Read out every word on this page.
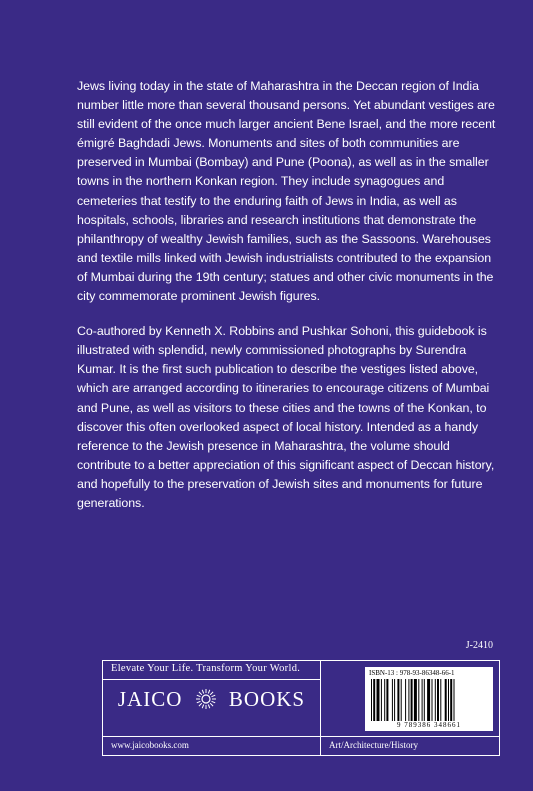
Jews living today in the state of Maharashtra in the Deccan region of India number little more than several thousand persons. Yet abundant vestiges are still evident of the once much larger ancient Bene Israel, and the more recent émigré Baghdadi Jews. Monuments and sites of both communities are preserved in Mumbai (Bombay) and Pune (Poona), as well as in the smaller towns in the northern Konkan region. They include synagogues and cemeteries that testify to the enduring faith of Jews in India, as well as hospitals, schools, libraries and research institutions that demonstrate the philanthropy of wealthy Jewish families, such as the Sassoons. Warehouses and textile mills linked with Jewish industrialists contributed to the expansion of Mumbai during the 19th century; statues and other civic monuments in the city commemorate prominent Jewish figures.

Co-authored by Kenneth X. Robbins and Pushkar Sohoni, this guidebook is illustrated with splendid, newly commissioned photographs by Surendra Kumar. It is the first such publication to describe the vestiges listed above, which are arranged according to itineraries to encourage citizens of Mumbai and Pune, as well as visitors to these cities and the towns of the Konkan, to discover this often overlooked aspect of local history. Intended as a handy reference to the Jewish presence in Maharashtra, the volume should contribute to a better appreciation of this significant aspect of Deccan history, and hopefully to the preservation of Jewish sites and monuments for future generations.

J-2410
Elevate Your Life. Transform Your World.
JAICO BOOKS
www.jaicobooks.com	Art/Architecture/History
ISBN-13 : 978-93-86348-66-1
9 789386 348661
